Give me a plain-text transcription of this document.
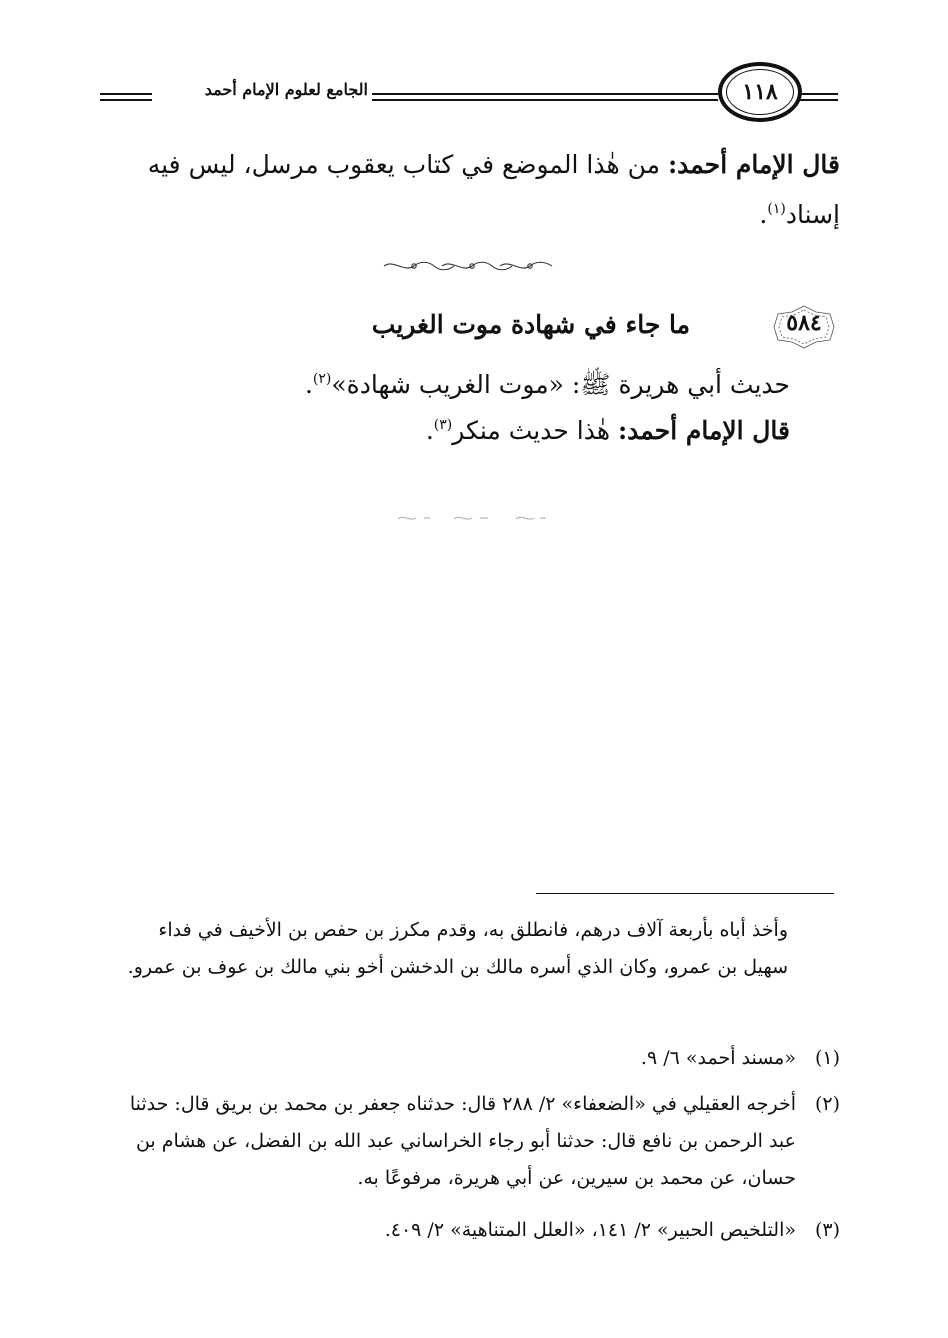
الجامع لعلوم الإمام أحمد	١١٨
قال الإمام أحمد: من هٰذا الموضع في كتاب يعقوب مرسل، ليس فيه إسناد$^{(١)}$.
٥٨٤
ما جاء في شهادة موت الغريب
حديث أبي هريرة ﷺ: «موت الغريب شهادة»$^{(٢)}$.
قال الإمام أحمد: هٰذا حديث منكر$^{(٣)}$.
وأخذ أباه بأربعة آلاف درهم، فانطلق به، وقدم مكرز بن حفص بن الأخيف في فداء سهيل بن عمرو، وكان الذي أسره مالك بن الدخشن أخو بني مالك بن عوف بن عمرو.
(١)
«مسند أحمد» ٦/ ٩.
(٢)
أخرجه العقيلي في «الضعفاء» ٢/ ٢٨٨ قال: حدثناه جعفر بن محمد بن بريق قال: حدثنا عبد الرحمن بن نافع قال: حدثنا أبو رجاء الخراساني عبد الله بن الفضل، عن هشام بن حسان، عن محمد بن سيرين، عن أبي هريرة، مرفوعًا به.
(٣)
«التلخيص الحبير» ٢/ ١٤١، «العلل المتناهية» ٢/ ٤٠٩.
